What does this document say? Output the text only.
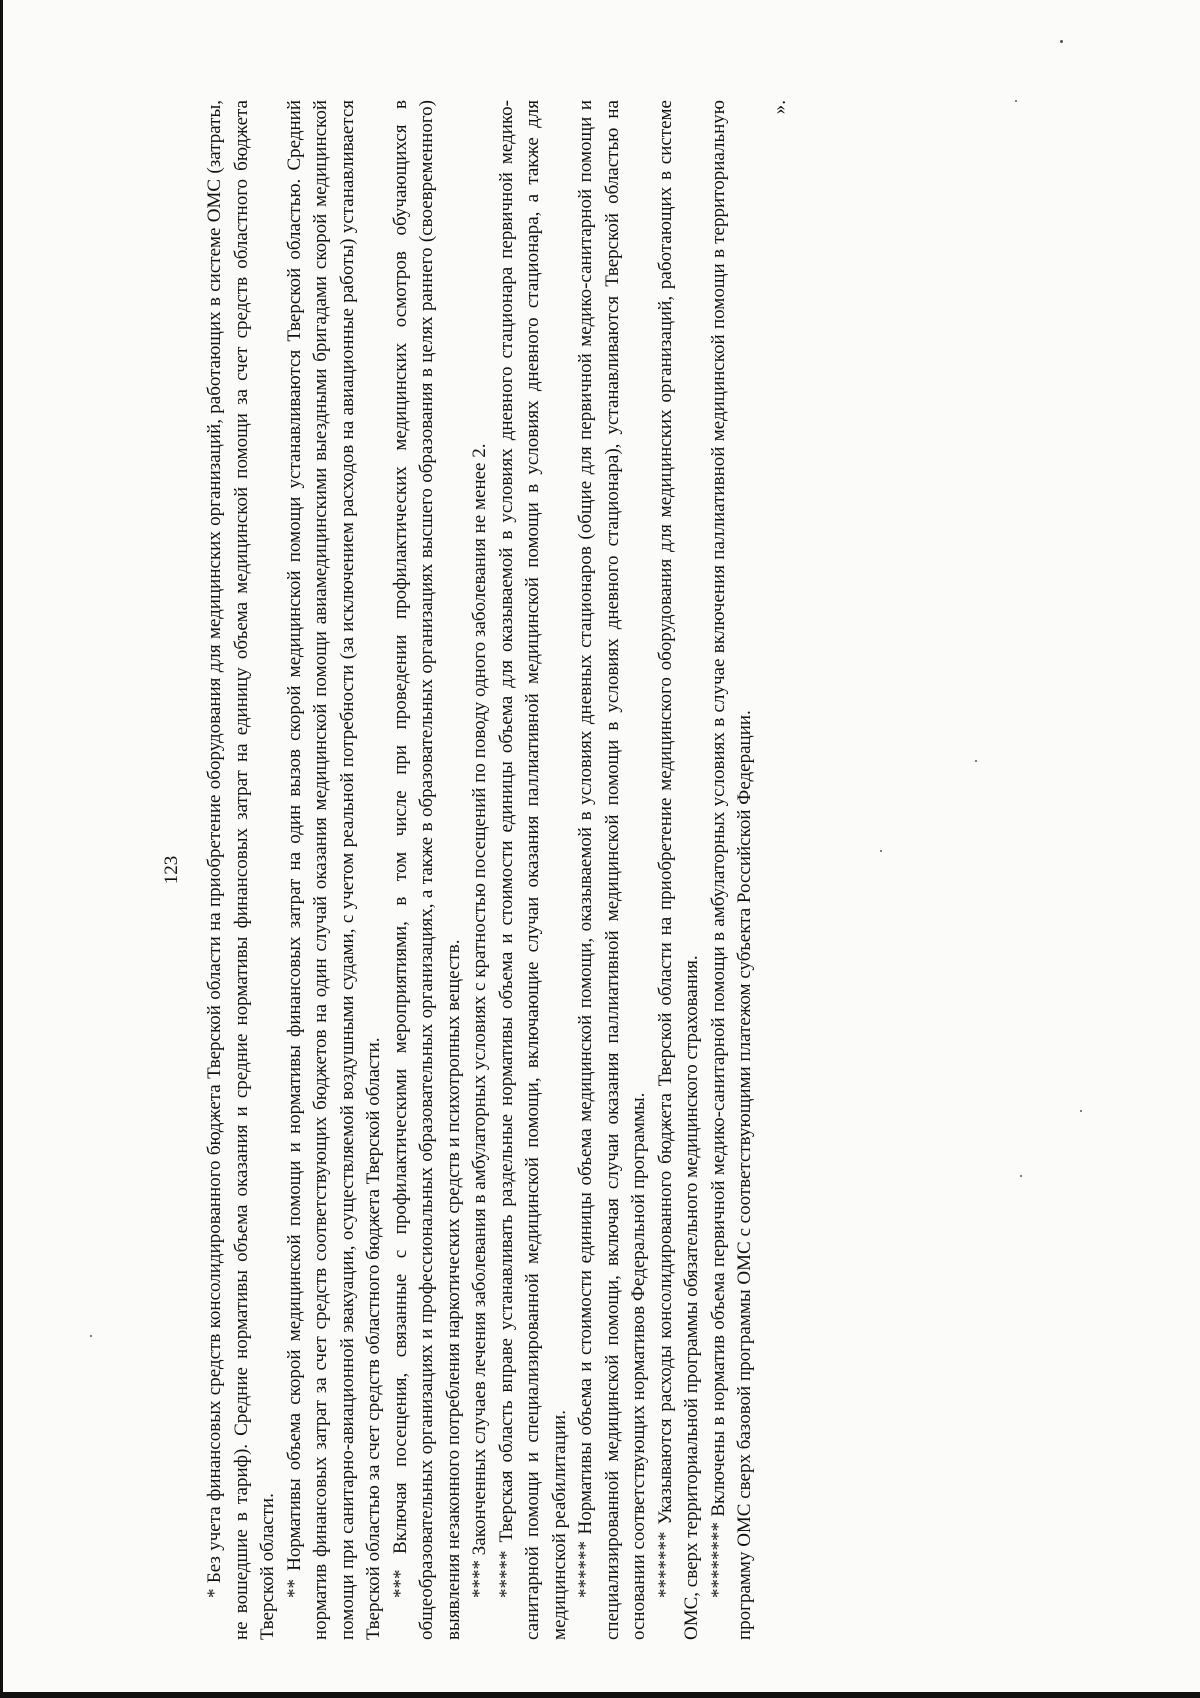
123 * Без учета финансовых средств консолидированного бюджета Тверской области на приобретение оборудования для медицинских организаций, работающих в системе ОМС (затраты, не вошедшие в тариф). Средние нормативы объема оказания и средние нормативы финансовых затрат на единицу объема медицинской помощи за счет средств областного бюджета Тверской области. ** Нормативы объема скорой медицинской помощи и нормативы финансовых затрат на один вызов скорой медицинской помощи устанавливаются Тверской областью. Средний норматив финансовых затрат за счет средств соответствующих бюджетов на один случай оказания медицинской помощи авиамедицинскими выездными бригадами скорой медицинской помощи при санитарно-авиационной эвакуации, осуществляемой воздушными судами, с учетом реальной потребности (за исключением расходов на авиационные работы) устанавливается Тверской областью за счет средств областного бюджета Тверской области. *** Включая посещения, связанные с профилактическими мероприятиями, в том числе при проведении профилактических медицинских осмотров обучающихся в общеобразовательных организациях и профессиональных образовательных организациях, а также в образовательных организациях высшего образования в целях раннего (своевременного) выявления незаконного потребления наркотических средств и психотропных веществ. **** Законченных случаев лечения заболевания в амбулаторных условиях с кратностью посещений по поводу одного заболевания не менее 2. ***** Тверская область вправе устанавливать раздельные нормативы объема и стоимости единицы объема для оказываемой в условиях дневного стационара первичной медико-санитарной помощи и специализированной медицинской помощи, включающие случаи оказания паллиативной медицинской помощи в условиях дневного стационара, а также для медицинской реабилитации. ****** Нормативы объема и стоимости единицы объема медицинской помощи, оказываемой в условиях дневных стационаров (общие для первичной медико-санитарной помощи и специализированной медицинской помощи, включая случаи оказания паллиативной медицинской помощи в условиях дневного стационара), устанавливаются Тверской областью на основании соответствующих нормативов Федеральной программы. ******* Указываются расходы консолидированного бюджета Тверской области на приобретение медицинского оборудования для медицинских организаций, работающих в системе ОМС, сверх территориальной программы обязательного медицинского страхования. ******** Включены в норматив объема первичной медико-санитарной помощи в амбулаторных условиях в случае включения паллиативной медицинской помощи в территориальную программу ОМС сверх базовой программы ОМС с соответствующими платежом субъекта Российской Федерации.

».
